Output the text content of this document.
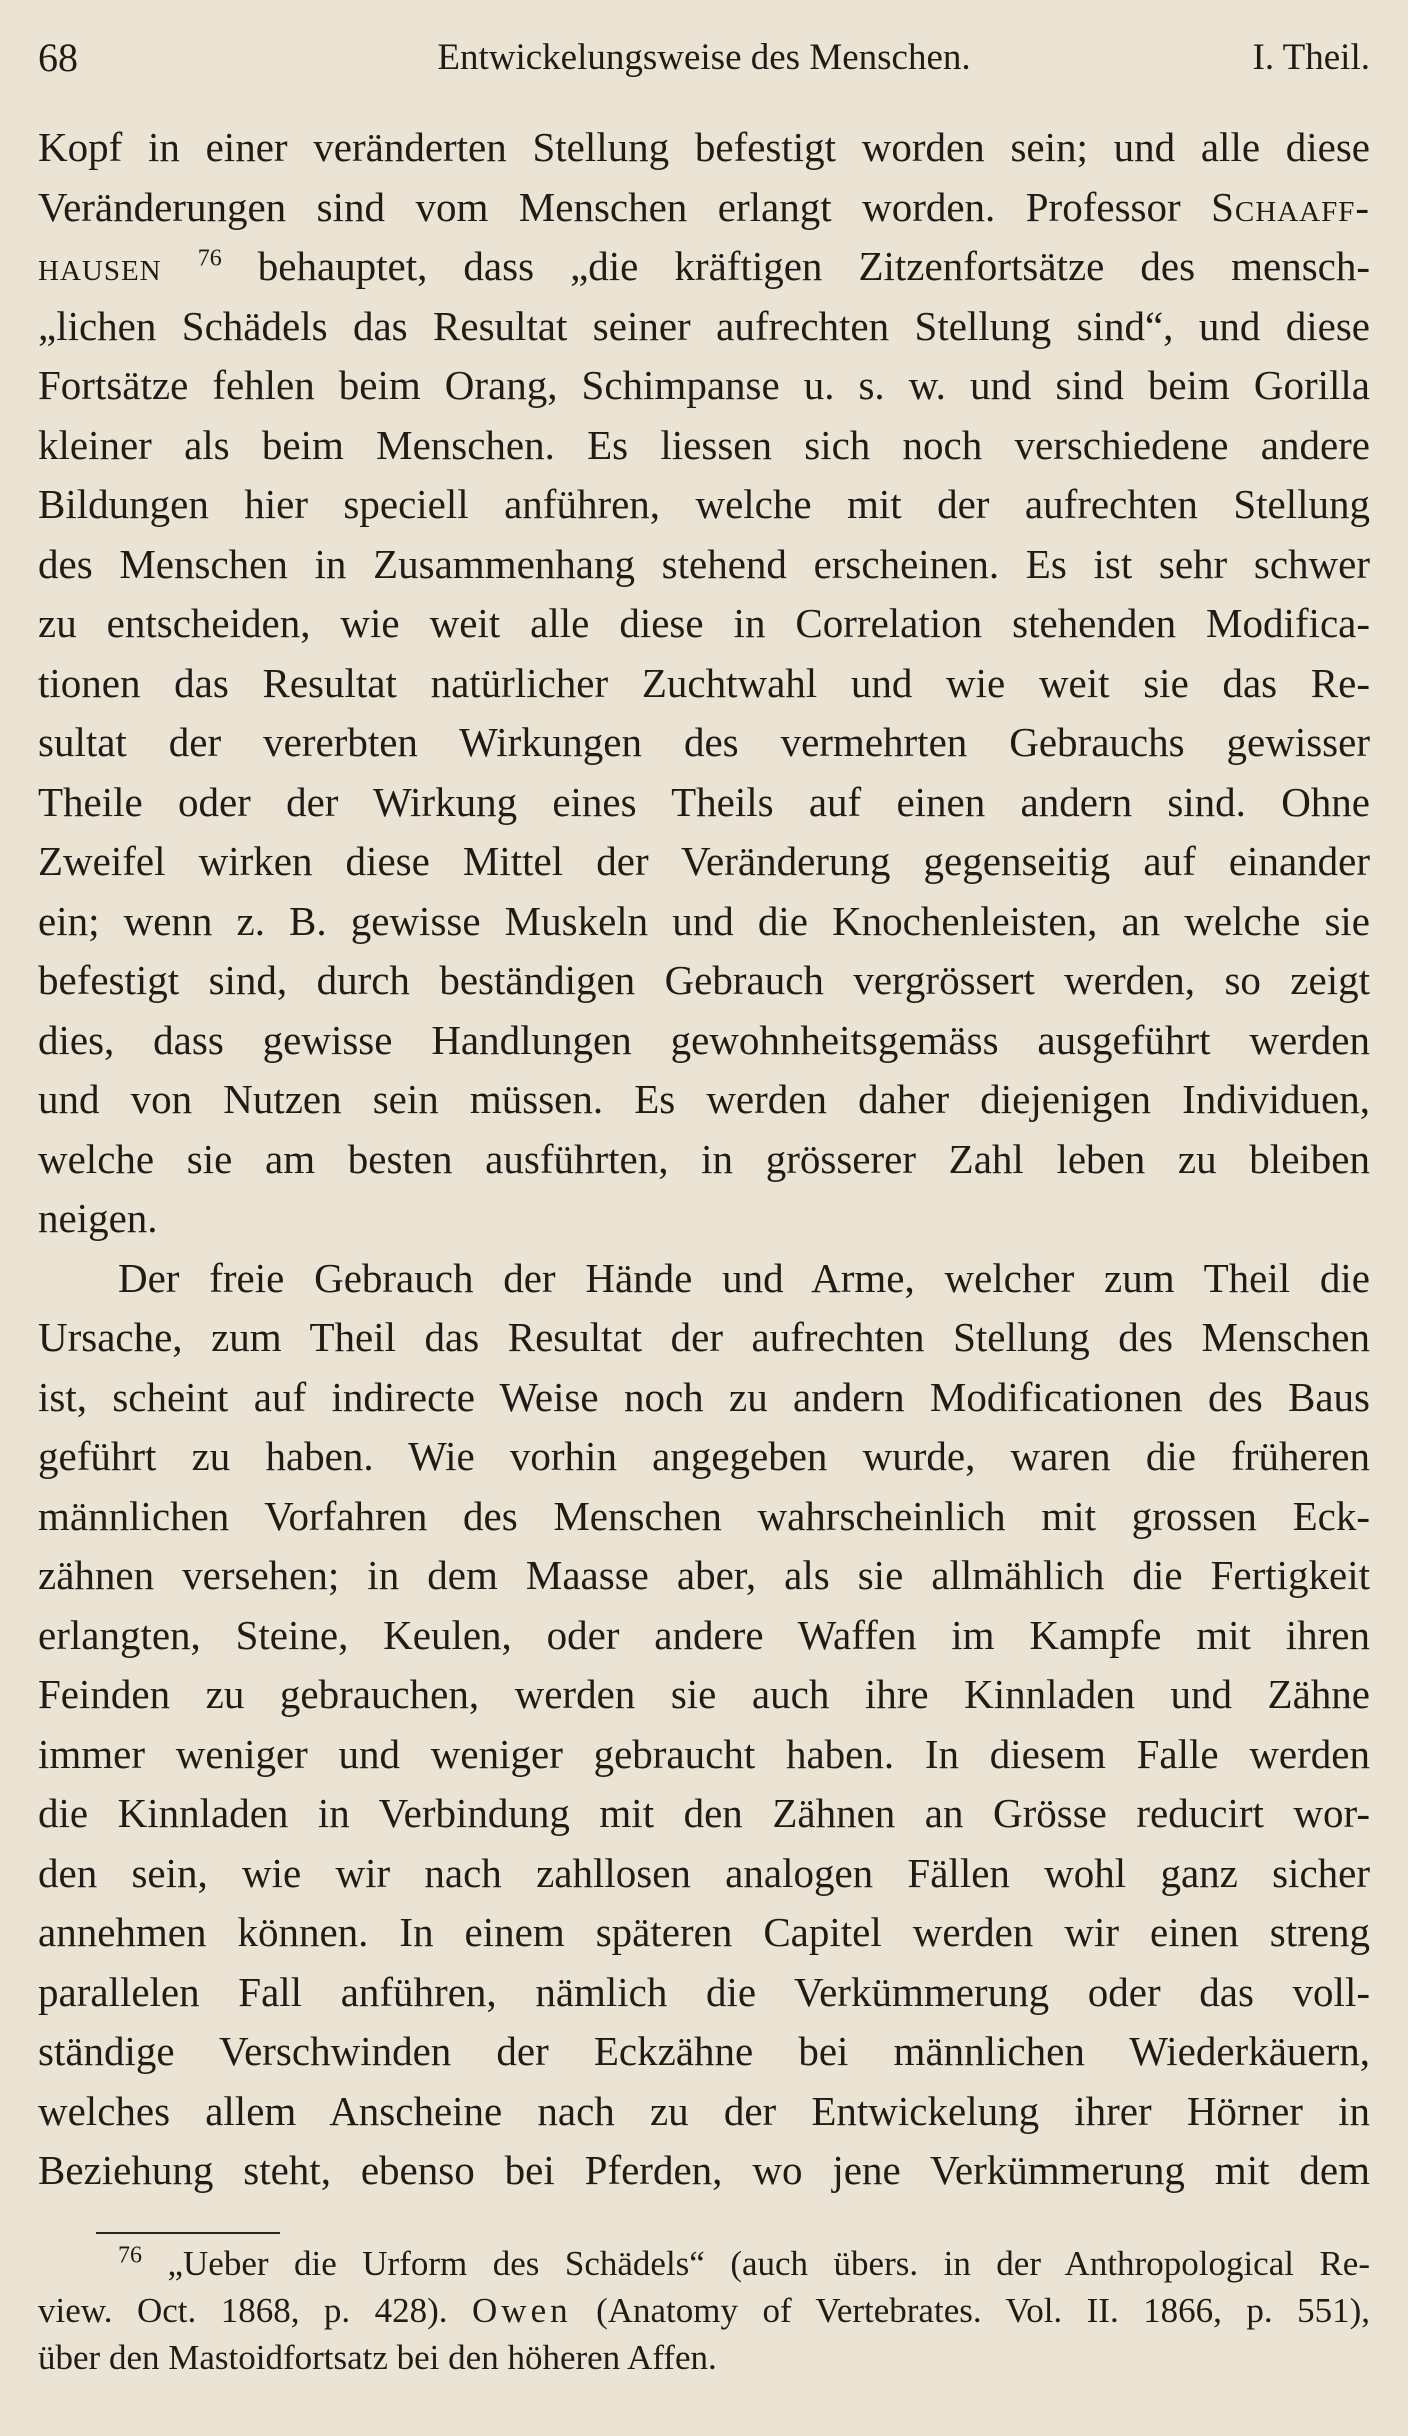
68	Entwickelungsweise des Menschen.	I. Theil.
Kopf in einer veränderten Stellung befestigt worden sein; und alle diese
Veränderungen sind vom Menschen erlangt worden. Professor Schaaff-
hausen $^{76}$ behauptet, dass „die kräftigen Zitzenfortsätze des mensch-
„lichen Schädels das Resultat seiner aufrechten Stellung sind“, und diese
Fortsätze fehlen beim Orang, Schimpanse u. s. w. und sind beim Gorilla
kleiner als beim Menschen. Es liessen sich noch verschiedene andere
Bildungen hier speciell anführen, welche mit der aufrechten Stellung
des Menschen in Zusammenhang stehend erscheinen. Es ist sehr schwer
zu entscheiden, wie weit alle diese in Correlation stehenden Modifica-
tionen das Resultat natürlicher Zuchtwahl und wie weit sie das Re-
sultat der vererbten Wirkungen des vermehrten Gebrauchs gewisser
Theile oder der Wirkung eines Theils auf einen andern sind. Ohne
Zweifel wirken diese Mittel der Veränderung gegenseitig auf einander
ein; wenn z. B. gewisse Muskeln und die Knochenleisten, an welche sie
befestigt sind, durch beständigen Gebrauch vergrössert werden, so zeigt
dies, dass gewisse Handlungen gewohnheitsgemäss ausgeführt werden
und von Nutzen sein müssen. Es werden daher diejenigen Individuen,
welche sie am besten ausführten, in grösserer Zahl leben zu bleiben
neigen.
Der freie Gebrauch der Hände und Arme, welcher zum Theil die
Ursache, zum Theil das Resultat der aufrechten Stellung des Menschen
ist, scheint auf indirecte Weise noch zu andern Modificationen des Baus
geführt zu haben. Wie vorhin angegeben wurde, waren die früheren
männlichen Vorfahren des Menschen wahrscheinlich mit grossen Eck-
zähnen versehen; in dem Maasse aber, als sie allmählich die Fertigkeit
erlangten, Steine, Keulen, oder andere Waffen im Kampfe mit ihren
Feinden zu gebrauchen, werden sie auch ihre Kinnladen und Zähne
immer weniger und weniger gebraucht haben. In diesem Falle werden
die Kinnladen in Verbindung mit den Zähnen an Grösse reducirt wor-
den sein, wie wir nach zahllosen analogen Fällen wohl ganz sicher
annehmen können. In einem späteren Capitel werden wir einen streng
parallelen Fall anführen, nämlich die Verkümmerung oder das voll-
ständige Verschwinden der Eckzähne bei männlichen Wiederkäuern,
welches allem Anscheine nach zu der Entwickelung ihrer Hörner in
Beziehung steht, ebenso bei Pferden, wo jene Verkümmerung mit dem
$^{76}$ „Ueber die Urform des Schädels“ (auch übers. in der Anthropological Re-
view. Oct. 1868, p. 428). Owen (Anatomy of Vertebrates. Vol. II. 1866, p. 551),
über den Mastoidfortsatz bei den höheren Affen.
